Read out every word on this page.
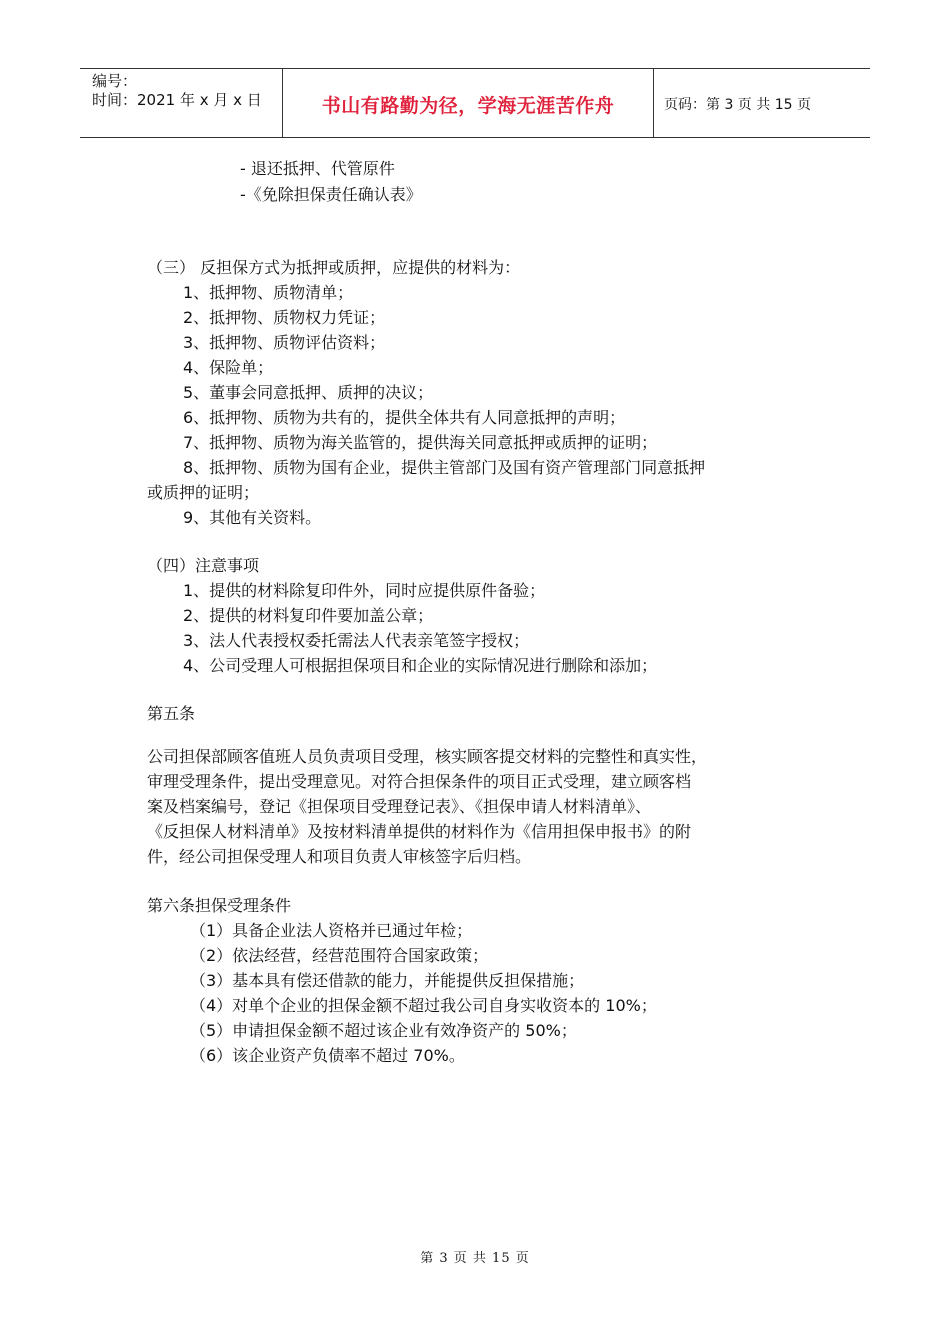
编号：
时间：2021 年 x 月 x 日	书山有路勤为径，学海无涯苦作舟	页码：第 3 页 共 15 页
- 退还抵押、代管原件
-《免除担保责任确认表》
（三） 反担保方式为抵押或质押，应提供的材料为：
1、抵押物、质物清单；
2、抵押物、质物权力凭证；
3、抵押物、质物评估资料；
4、保险单；
5、董事会同意抵押、质押的决议；
6、抵押物、质物为共有的，提供全体共有人同意抵押的声明；
7、抵押物、质物为海关监管的，提供海关同意抵押或质押的证明；
8、抵押物、质物为国有企业，提供主管部门及国有资产管理部门同意抵押
或质押的证明；
9、其他有关资料。
（四）注意事项
1、提供的材料除复印件外，同时应提供原件备验；
2、提供的材料复印件要加盖公章；
3、法人代表授权委托需法人代表亲笔签字授权；
4、公司受理人可根据担保项目和企业的实际情况进行删除和添加；
第五条
公司担保部顾客值班人员负责项目受理，核实顾客提交材料的完整性和真实性，
审理受理条件，提出受理意见。对符合担保条件的项目正式受理，建立顾客档
案及档案编号，登记《担保项目受理登记表》、《担保申请人材料清单》、
《反担保人材料清单》及按材料清单提供的材料作为《信用担保申报书》的附
件，经公司担保受理人和项目负责人审核签字后归档。
第六条担保受理条件
（1）具备企业法人资格并已通过年检；
（2）依法经营，经营范围符合国家政策；
（3）基本具有偿还借款的能力，并能提供反担保措施；
（4）对单个企业的担保金额不超过我公司自身实收资本的 10%；
（5）申请担保金额不超过该企业有效净资产的 50%；
（6）该企业资产负债率不超过 70%。
第 3 页 共 15 页
